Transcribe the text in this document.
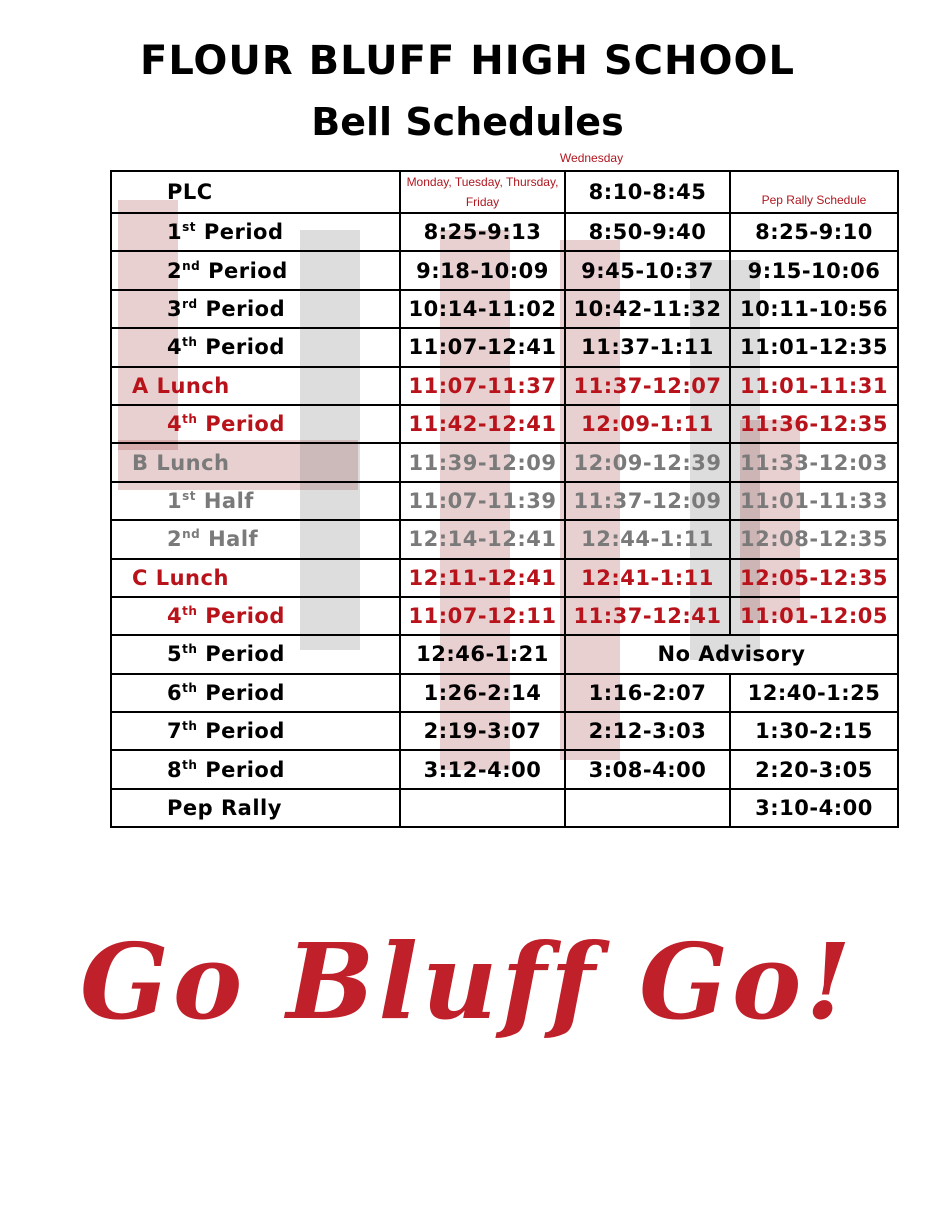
FLOUR BLUFF HIGH SCHOOL
Bell Schedules
Wednesday
PLC	Monday, Tuesday, Thursday, Friday	8:10-8:45	Pep Rally Schedule
1st Period	8:25-9:13	8:50-9:40	8:25-9:10
2nd Period	9:18-10:09	9:45-10:37	9:15-10:06
3rd Period	10:14-11:02	10:42-11:32	10:11-10:56
4th Period	11:07-12:41	11:37-1:11	11:01-12:35
A Lunch	11:07-11:37	11:37-12:07	11:01-11:31
4th Period	11:42-12:41	12:09-1:11	11:36-12:35
B Lunch	11:39-12:09	12:09-12:39	11:33-12:03
1st Half	11:07-11:39	11:37-12:09	11:01-11:33
2nd Half	12:14-12:41	12:44-1:11	12:08-12:35
C Lunch	12:11-12:41	12:41-1:11	12:05-12:35
4th Period	11:07-12:11	11:37-12:41	11:01-12:05
5th Period	12:46-1:21	No Advisory	
6th Period	1:26-2:14	1:16-2:07	12:40-1:25
7th Period	2:19-3:07	2:12-3:03	1:30-2:15
8th Period	3:12-4:00	3:08-4:00	2:20-3:05
Pep Rally			3:10-4:00
Go Bluff Go!
